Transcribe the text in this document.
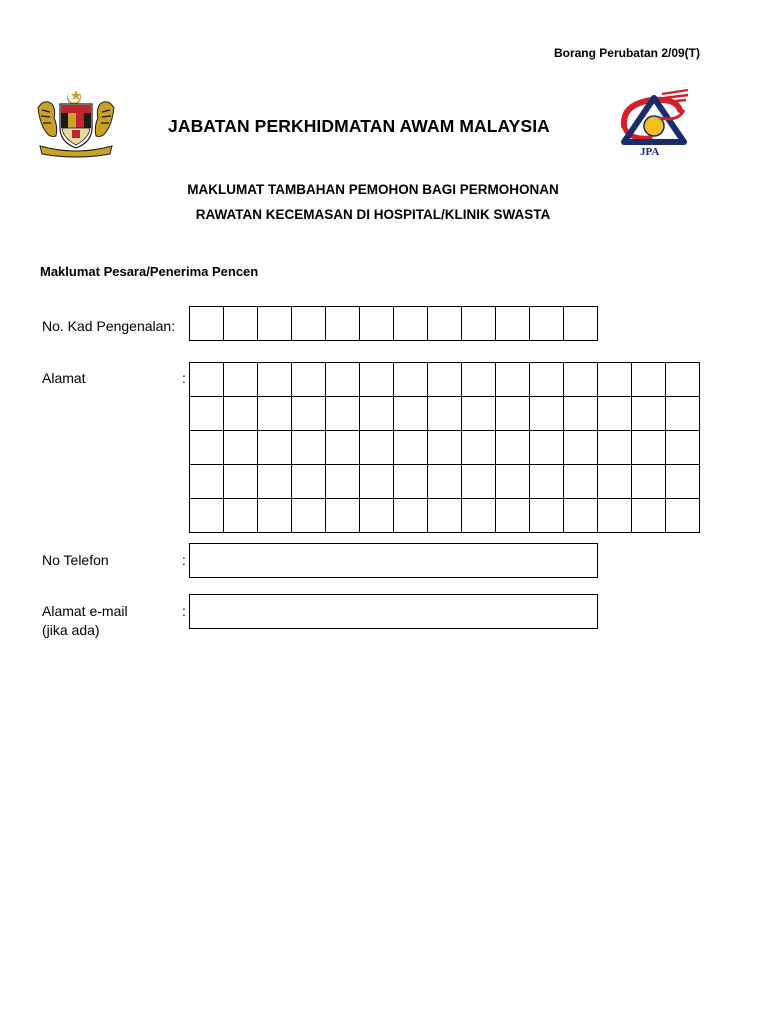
Borang Perubatan 2/09(T)
JABATAN PERKHIDMATAN AWAM MALAYSIA
JPA
MAKLUMAT TAMBAHAN PEMOHON BAGI PERMOHONAN
RAWATAN KECEMASAN DI HOSPITAL/KLINIK SWASTA
Maklumat Pesara/Penerima Pencen
No. Kad Pengenalan:
Alamat	:
No Telefon	:
Alamat e-mail
(jika ada)
:
